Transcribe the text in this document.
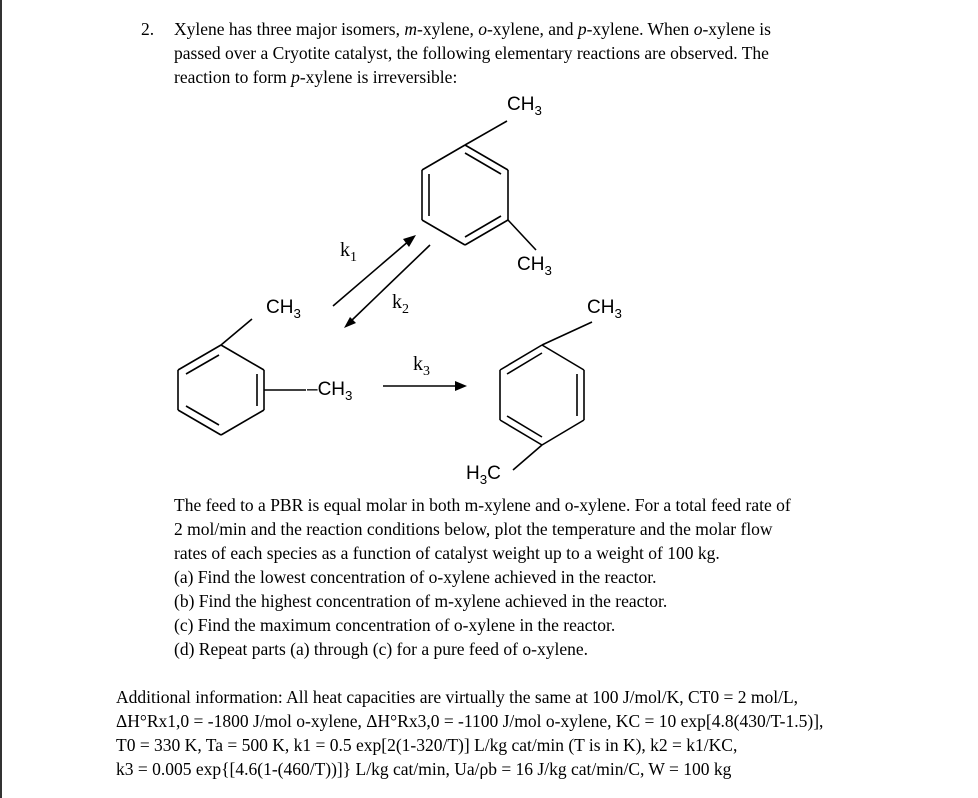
2. Xylene has three major isomers, m-xylene, o-xylene, and p-xylene. When o-xylene is
passed over a Cryotite catalyst, the following elementary reactions are observed. The
reaction to form p-xylene is irreversible:
$CH_3$
$CH_3$
$CH_3$
$-CH_3$
$CH_3$
$H_3C$
$k_1$
$k_2$
$k_3$
The feed to a PBR is equal molar in both m-xylene and o-xylene. For a total feed rate of
2 mol/min and the reaction conditions below, plot the temperature and the molar flow
rates of each species as a function of catalyst weight up to a weight of 100 kg.
(a) Find the lowest concentration of o-xylene achieved in the reactor.
(b) Find the highest concentration of m-xylene achieved in the reactor.
(c) Find the maximum concentration of o-xylene in the reactor.
(d) Repeat parts (a) through (c) for a pure feed of o-xylene.
Additional information: All heat capacities are virtually the same at 100 J/mol/K, CT0 = 2 mol/L,
ΔH°Rx1,0 = -1800 J/mol o-xylene, ΔH°Rx3,0 = -1100 J/mol o-xylene, KC = 10 exp[4.8(430/T-1.5)],
T0 = 330 K, Ta = 500 K, k1 = 0.5 exp[2(1-320/T)] L/kg cat/min (T is in K), k2 = k1/KC,
k3 = 0.005 exp{[4.6(1-(460/T))]} L/kg cat/min, Ua/ρb = 16 J/kg cat/min/C, W = 100 kg
